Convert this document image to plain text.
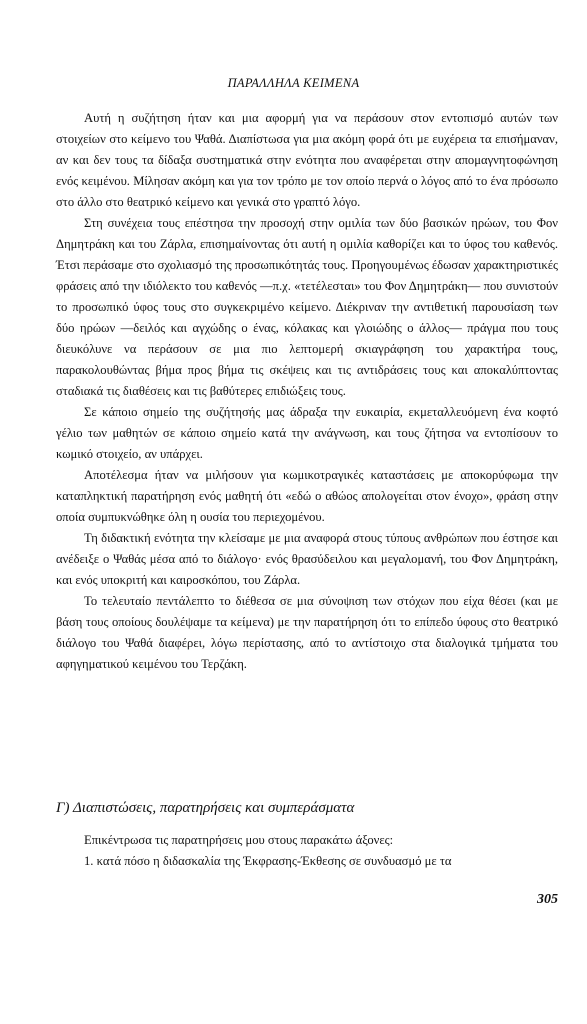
ΠΑΡΑΛΛΗΛΑ ΚΕΙΜΕΝΑ

Αυτή η συζήτηση ήταν και μια αφορμή για να περάσουν στον εντοπισμό αυτών των στοιχείων στο κείμενο του Ψαθά. Διαπίστωσα για μια ακόμη φορά ότι με ευχέρεια τα επισήμαναν, αν και δεν τους τα δίδαξα συστηματικά στην ενότητα που αναφέρεται στην απομαγνητοφώνηση ενός κειμένου. Μίλησαν ακόμη και για τον τρόπο με τον οποίο περνά ο λόγος από το ένα πρόσωπο στο άλλο στο θεατρικό κείμενο και γενικά στο γραπτό λόγο.

Στη συνέχεια τους επέστησα την προσοχή στην ομιλία των δύο βασικών ηρώων, του Φον Δημητράκη και του Ζάρλα, επισημαίνοντας ότι αυτή η ομιλία καθορίζει και το ύφος του καθενός. Έτσι περάσαμε στο σχολιασμό της προσωπικότητάς τους. Προηγουμένως έδωσαν χαρακτηριστικές φράσεις από την ιδιόλεκτο του καθενός —π.χ. «τετέλεσται» του Φον Δημητράκη— που συνιστούν το προσωπικό ύφος τους στο συγκεκριμένο κείμενο. Διέκριναν την αντιθετική παρουσίαση των δύο ηρώων —δειλός και αγχώδης ο ένας, κόλακας και γλοιώδης ο άλλος— πράγμα που τους διευκόλυνε να περάσουν σε μια πιο λεπτομερή σκιαγράφηση του χαρακτήρα τους, παρακολουθώντας βήμα προς βήμα τις σκέψεις και τις αντιδράσεις τους και αποκαλύπτοντας σταδιακά τις διαθέσεις και τις βαθύτερες επιδιώξεις τους.

Σε κάποιο σημείο της συζήτησής μας άδραξα την ευκαιρία, εκμεταλλευόμενη ένα κοφτό γέλιο των μαθητών σε κάποιο σημείο κατά την ανάγνωση, και τους ζήτησα να εντοπίσουν το κωμικό στοιχείο, αν υπάρχει.

Αποτέλεσμα ήταν να μιλήσουν για κωμικοτραγικές καταστάσεις με αποκορύφωμα την καταπληκτική παρατήρηση ενός μαθητή ότι «εδώ ο αθώος απολογείται στον ένοχο», φράση στην οποία συμπυκνώθηκε όλη η ουσία του περιεχομένου.

Τη διδακτική ενότητα την κλείσαμε με μια αναφορά στους τύπους ανθρώπων που έστησε και ανέδειξε ο Ψαθάς μέσα από το διάλογο· ενός θρασύδειλου και μεγαλομανή, του Φον Δημητράκη, και ενός υποκριτή και καιροσκόπου, του Ζάρλα.

Το τελευταίο πεντάλεπτο το διέθεσα σε μια σύνοψιση των στόχων που είχα θέσει (και με βάση τους οποίους δουλέψαμε τα κείμενα) με την παρατήρηση ότι το επίπεδο ύφους στο θεατρικό διάλογο του Ψαθά διαφέρει, λόγω περίστασης, από το αντίστοιχο στα διαλογικά τμήματα του αφηγηματικού κειμένου του Τερζάκη.

Γ) Διαπιστώσεις, παρατηρήσεις και συμπεράσματα

Επικέντρωσα τις παρατηρήσεις μου στους παρακάτω άξονες:

1. κατά πόσο η διδασκαλία της Έκφρασης-Έκθεσης σε συνδυασμό με τα

305
